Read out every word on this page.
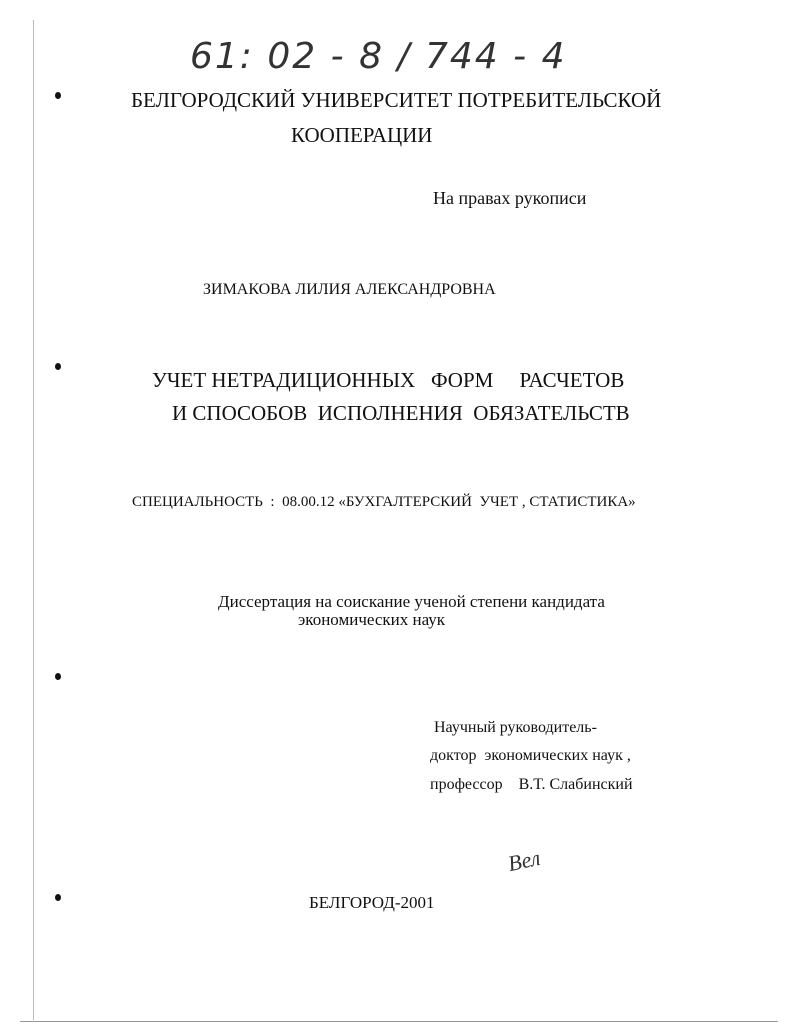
61: 02 - 8 / 744 - 4
БЕЛГОРОДСКИЙ УНИВЕРСИТЕТ ПОТРЕБИТЕЛЬСКОЙ
КООПЕРАЦИИ
На правах рукописи
ЗИМАКОВА ЛИЛИЯ АЛЕКСАНДРОВНА
УЧЕТ НЕТРАДИЦИОННЫХ   ФОРМ     РАСЧЕТОВ
И СПОСОБОВ  ИСПОЛНЕНИЯ  ОБЯЗАТЕЛЬСТВ
СПЕЦИАЛЬНОСТЬ  :  08.00.12 «БУХГАЛТЕРСКИЙ  УЧЕТ , СТАТИСТИКА»
Диссертация на соискание ученой степени кандидата
экономических наук
Научный руководитель-
доктор  экономических наук ,
профессор    В.Т. Слабинский
Вел
БЕЛГОРОД-2001
